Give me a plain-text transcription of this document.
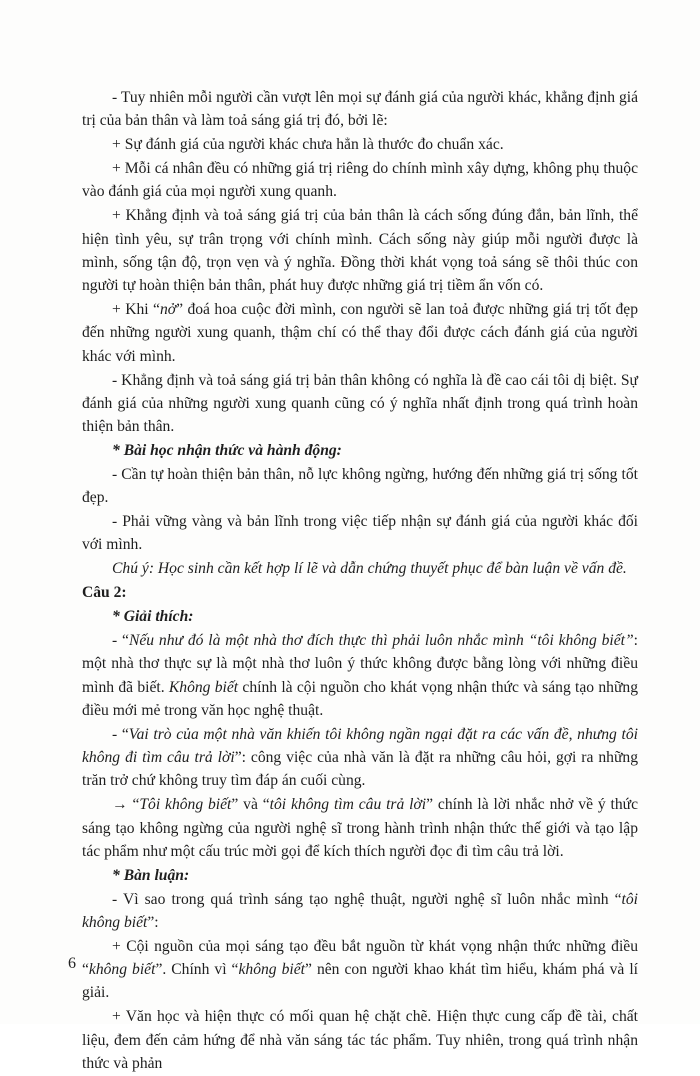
- Tuy nhiên mỗi người cần vượt lên mọi sự đánh giá của người khác, khẳng định giá trị của bản thân và làm toả sáng giá trị đó, bởi lẽ:

+ Sự đánh giá của người khác chưa hẳn là thước đo chuẩn xác.

+ Mỗi cá nhân đều có những giá trị riêng do chính mình xây dựng, không phụ thuộc vào đánh giá của mọi người xung quanh.

+ Khẳng định và toả sáng giá trị của bản thân là cách sống đúng đắn, bản lĩnh, thể hiện tình yêu, sự trân trọng với chính mình. Cách sống này giúp mỗi người được là mình, sống tận độ, trọn vẹn và ý nghĩa. Đồng thời khát vọng toả sáng sẽ thôi thúc con người tự hoàn thiện bản thân, phát huy được những giá trị tiềm ẩn vốn có.

+ Khi “nở” đoá hoa cuộc đời mình, con người sẽ lan toả được những giá trị tốt đẹp đến những người xung quanh, thậm chí có thể thay đổi được cách đánh giá của người khác với mình.

- Khẳng định và toả sáng giá trị bản thân không có nghĩa là đề cao cái tôi dị biệt. Sự đánh giá của những người xung quanh cũng có ý nghĩa nhất định trong quá trình hoàn thiện bản thân.

* Bài học nhận thức và hành động:

- Cần tự hoàn thiện bản thân, nỗ lực không ngừng, hướng đến những giá trị sống tốt đẹp.

- Phải vững vàng và bản lĩnh trong việc tiếp nhận sự đánh giá của người khác đối với mình.

Chú ý: Học sinh cần kết hợp lí lẽ và dẫn chứng thuyết phục để bàn luận về vấn đề.

Câu 2:

* Giải thích:

- “Nếu như đó là một nhà thơ đích thực thì phải luôn nhắc mình “tôi không biết”: một nhà thơ thực sự là một nhà thơ luôn ý thức không được bằng lòng với những điều mình đã biết. Không biết chính là cội nguồn cho khát vọng nhận thức và sáng tạo những điều mới mẻ trong văn học nghệ thuật.

- “Vai trò của một nhà văn khiến tôi không ngần ngại đặt ra các vấn đề, nhưng tôi không đi tìm câu trả lời”: công việc của nhà văn là đặt ra những câu hỏi, gợi ra những trăn trở chứ không truy tìm đáp án cuối cùng.

→ “Tôi không biết” và “tôi không tìm câu trả lời” chính là lời nhắc nhở về ý thức sáng tạo không ngừng của người nghệ sĩ trong hành trình nhận thức thế giới và tạo lập tác phẩm như một cấu trúc mời gọi để kích thích người đọc đi tìm câu trả lời.

* Bàn luận:

- Vì sao trong quá trình sáng tạo nghệ thuật, người nghệ sĩ luôn nhắc mình “tôi không biết”:

+ Cội nguồn của mọi sáng tạo đều bắt nguồn từ khát vọng nhận thức những điều “không biết”. Chính vì “không biết” nên con người khao khát tìm hiểu, khám phá và lí giải.

+ Văn học và hiện thực có mối quan hệ chặt chẽ. Hiện thực cung cấp đề tài, chất liệu, đem đến cảm hứng để nhà văn sáng tác tác phẩm. Tuy nhiên, trong quá trình nhận thức và phản

6
